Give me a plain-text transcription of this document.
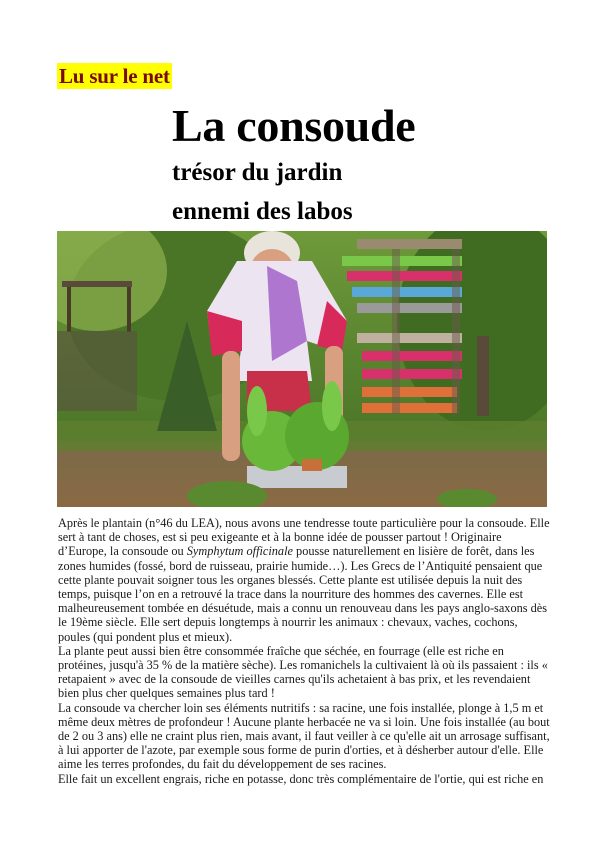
Lu sur le net
La consoude
trésor du jardin
ennemi des labos

Après le plantain (n°46 du LEA), nous avons une tendresse toute particulière pour la consoude. Elle sert à tant de choses, est si peu exigeante et à la bonne idée de pousser partout ! Originaire d’Europe, la consoude ou Symphytum officinale pousse naturellement en lisière de forêt, dans les zones humides (fossé, bord de ruisseau, prairie humide…). Les Grecs de l’Antiquité pensaient que cette plante pouvait soigner tous les organes blessés. Cette plante est utilisée depuis la nuit des temps, puisque l’on en a retrouvé la trace dans la nourriture des hommes des cavernes. Elle est malheureusement tombée en désuétude, mais a connu un renouveau dans les pays anglo-saxons dès le 19ème siècle. Elle sert depuis longtemps à nourrir les animaux : chevaux, vaches, cochons, poules (qui pondent plus et mieux).

La plante peut aussi bien être consommée fraîche que séchée, en fourrage (elle est riche en protéines, jusqu'à 35 % de la matière sèche). Les romanichels la cultivaient là où ils passaient : ils « retapaient » avec de la consoude de vieilles carnes qu'ils achetaient à bas prix, et les revendaient bien plus cher quelques semaines plus tard !

La consoude va chercher loin ses éléments nutritifs : sa racine, une fois installée, plonge à 1,5 m et même deux mètres de profondeur ! Aucune plante herbacée ne va si loin. Une fois installée (au bout de 2 ou 3 ans) elle ne craint plus rien, mais avant, il faut veiller à ce qu'elle ait un arrosage suffisant, à lui apporter de l'azote, par exemple sous forme de purin d'orties, et à désherber autour d'elle. Elle aime les terres profondes, du fait du développement de ses racines.

Elle fait un excellent engrais, riche en potasse, donc très complémentaire de l'ortie, qui est riche en
